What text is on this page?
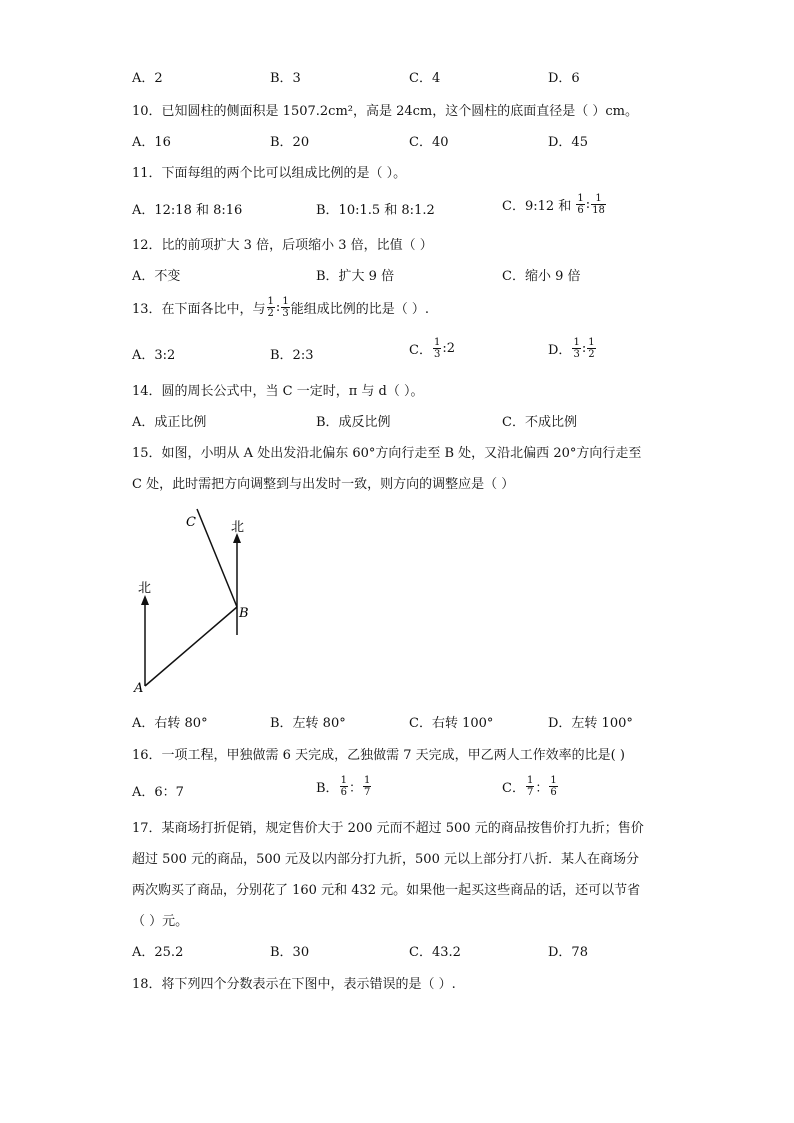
A．2	B．3	C．4	D．6
10．已知圆柱的侧面积是 1507.2cm²，高是 24cm，这个圆柱的底面直径是（ ）cm。
A．16	B．20	C．40	D．45
11．下面每组的两个比可以组成比例的是（ ）。
A．12:18 和 8:16	B．10:1.5 和 8:1.2	C．9:12 和 $\frac{1}{6}$ : $\frac{1}{18}$
12．比的前项扩大 3 倍，后项缩小 3 倍，比值（ ）
A．不变	B．扩大 9 倍	C．缩小 9 倍
13．在下面各比中，与 $\frac{1}{2}$ : $\frac{1}{3}$ 能组成比例的比是（ ）.
A．3:2	B．2:3	C． $\frac{1}{3}$ :2	D． $\frac{1}{3}$ : $\frac{1}{2}$
14．圆的周长公式中，当 C 一定时，π 与 d（ ）。
A．成正比例	B．成反比例	C．不成比例
15．如图，小明从 A 处出发沿北偏东 60°方向行走至 B 处，又沿北偏西 20°方向行走至
C 处，此时需把方向调整到与出发时一致，则方向的调整应是（ ）
北
北
C
B
A
A．右转 80°	B．左转 80°	C．右转 100°	D．左转 100°
16．一项工程，甲独做需 6 天完成，乙独做需 7 天完成，甲乙两人工作效率的比是( )
A．6：7	B． $\frac{1}{6}$ ： $\frac{1}{7}$	C． $\frac{1}{7}$ ： $\frac{1}{6}$
17．某商场打折促销，规定售价大于 200 元而不超过 500 元的商品按售价打九折；售价
超过 500 元的商品，500 元及以内部分打九折，500 元以上部分打八折．某人在商场分
两次购买了商品，分别花了 160 元和 432 元。如果他一起买这些商品的话，还可以节省
（ ）元。
A．25.2	B．30	C．43.2	D．78
18．将下列四个分数表示在下图中，表示错误的是（ ）.
